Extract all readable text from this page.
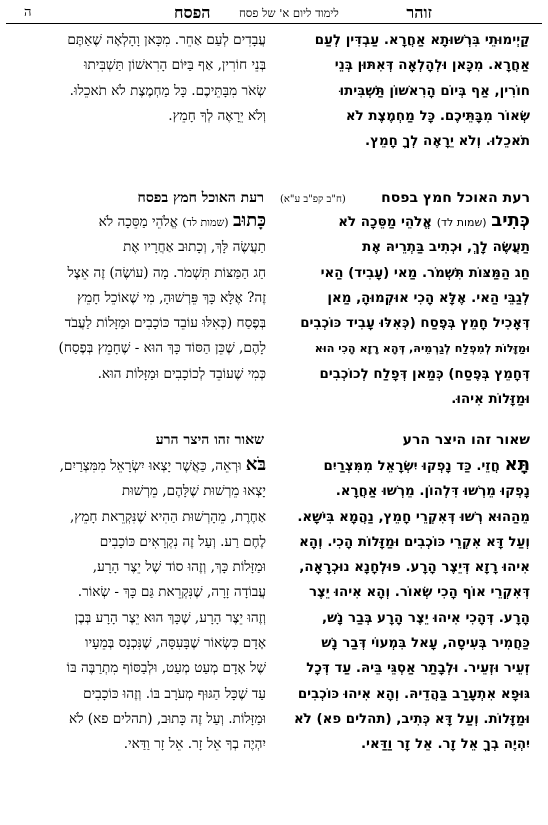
זוהר
לימוד ליום א' של פסח
הפסח
ה

קַיְימוּתֵי בִּרְשׁוּתָא אַחֲרָא. עַבְדִּין לְעַם

אַחֲרָא. מִכָּאן וּלְהָלְאָה דְּאִתּוּן בְּנֵי

חוֹרִין, אַף בְּיוֹם הָרִאשׁוֹן תַּשְׁבִּיתוּ

שְׂאוֹר מִבָּתֵּיכֶם. כָּל מַחְמֶצֶת לֹא

תֹאכֵלוּ. וְלֹא יֵרָאֶה לְךָ חָמֵץ.

רעת האוכל חמץ בפסח
(ח"ב קפ"ב ע"א)

כְּתִיב (שמות לד) אֱלֹהֵי מַסֵּכָה לֹא

תַעֲשֶׂה לָךְ, וּכְתִיב בַּתְרֵיהּ אֶת

חַג הַמַּצּוֹת תִּשְׁמֹר. מַאי (עָבִיד) הַאי

לְגַבֵּי הַאי. אֶלָּא הָכִי אוּקְמוּהָ, מַאן

דְּאָכִיל חָמֵץ בְּפֶסַח (כְּאִלּוּ עָבִיד כּוֹכְבִים

וּמַזָּלוֹת לְמִפְלַח לְגַרְמֵיהּ, דְּהָא רָזָא הָכִי הוּא

דְּחָמֵץ בְּפֶסַח) כְּמַאן דְּפָלַח לְכוֹכְבִים

וּמַזָּלוֹת אִיהוּ.

שאור זהו היצר הרע

תָּא חֲזֵי. כַּד נָפְקוּ יִשְׂרָאֵל מִמִּצְרַיִם

נָפְקוּ מֵרְשׁוּ דִּלְהוֹן. מֵרְשׁוּ אַחֲרָא.

מֵהַהוּא רְשׁוּ דְּאִקְרֵי חָמֵץ, נַהֲמָא בִּישָׁא.

וְעַל דָּא אִקְרֵי כּוֹכְבִים וּמַזָּלוֹת הָכִי. וְהָא

אִיהוּ רָזָא דְּיֵצֶר הָרָע. פּוּלְחָנָא נוּכְרָאָה,

דְּאִקְרֵי אוֹף הָכִי שְׂאוֹר. וְהָא אִיהוּ יֵצֶר

הָרָע. דְּהָכִי אִיהוּ יֵצֶר הָרָע בְּבַר נָשׁ,

כַּחֲמִיר בְּעִיסָה, עָאל בִּמְעוֹי דְּבַר נָשׁ

זְעֵיר וּזְעֵיר. וּלְבָתַר אַסְגֵּי בֵּיהּ. עַד דְּכָל

גּוּפָא אִתְעָרַב בַּהֲדֵיהּ. וְהָא אִיהוּ כּוֹכְבִים

וּמַזָּלוֹת. וְעַל דָּא כְּתִיב, (תהלים פא) לֹא

יִהְיֶה בְךָ אֵל זָר. אֵל זָר וַדַּאי.

עֲבָדִים לְעַם אַחֵר. מִכָּאן וָהָלְאָה שֶׁאַתֶּם

בְּנֵי חוֹרִין, אַף בַּיּוֹם הָרִאשׁוֹן תַּשְׁבִּיתוּ

שְׂאֹר מִבָּתֵּיכֶם. כָּל מַחְמֶצֶת לֹא תֹאכֵלוּ.

וְלֹא יֵרָאֶה לְךָ חָמֵץ.

רעת האוכל חמץ בפסח

כָּתוּב (שמות לד) אֱלֹהֵי מַסֵּכָה לֹא

תַעֲשֶׂה לָּךְ, וְכָתוּב אַחֲרָיו אֶת

חַג הַמַּצּוֹת תִּשְׁמֹר. מָה (עוֹשֶׂה) זֶה אֵצֶל

זֶה? אֶלָּא כָּךְ פֵּרְשׁוּהָ, מִי שֶׁאוֹכֵל חָמֵץ

בְּפֶסַח (כְּאִלּוּ עוֹבֵד כּוֹכָבִים וּמַזָּלוֹת לַעֲבֹד

לָהֶם, שֶׁכֵּן הַסּוֹד כָּךְ הוּא - שֶׁחָמֵץ בְּפֶסַח)

כְּמִי שֶׁעוֹבֵד לְכוֹכָבִים וּמַזָּלוֹת הוּא.

שאור זהו היצר הרע

בֹּא וּרְאֵה, כַּאֲשֶׁר יָצְאוּ יִשְׂרָאֵל מִמִּצְרַיִם,

יָצְאוּ מֵרְשׁוּת שֶׁלָּהֶם, מֵרְשׁוּת

אַחֶרֶת, מֵהָרְשׁוּת הַהִיא שֶׁנִּקְרֵאת חָמֵץ,

לֶחֶם רַע. וְעַל זֶה נִקְרָאִים כּוֹכָבִים

וּמַזָּלוֹת כָּךְ, וְזֶהוּ סוֹד שֶׁל יֵצֶר הָרָע,

עֲבוֹדָה זָרָה, שֶׁנִּקְרֵאת גַּם כָּךְ - שְׂאוֹר.

וְזֶהוּ יֵצֶר הָרָע, שֶׁכָּךְ הוּא יֵצֶר הָרָע בְּבֶן

אָדָם כִּשְׂאוֹר שֶׁבָּעִסָּה, שֶׁנִּכְנָס בְּמֵעָיו

שֶׁל אָדָם מְעַט מְעַט, וּלְבַסּוֹף מִתְרַבֶּה בּוֹ

עַד שֶׁכָּל הַגּוּף מְעֹרָב בּוֹ. וְזֶהוּ כּוֹכָבִים

וּמַזָּלוֹת. וְעַל זֶה כָּתוּב, (תהלים פא) לֹא

יִהְיֶה בְךָ אֵל זָר. אֵל זָר וַדַּאי.
